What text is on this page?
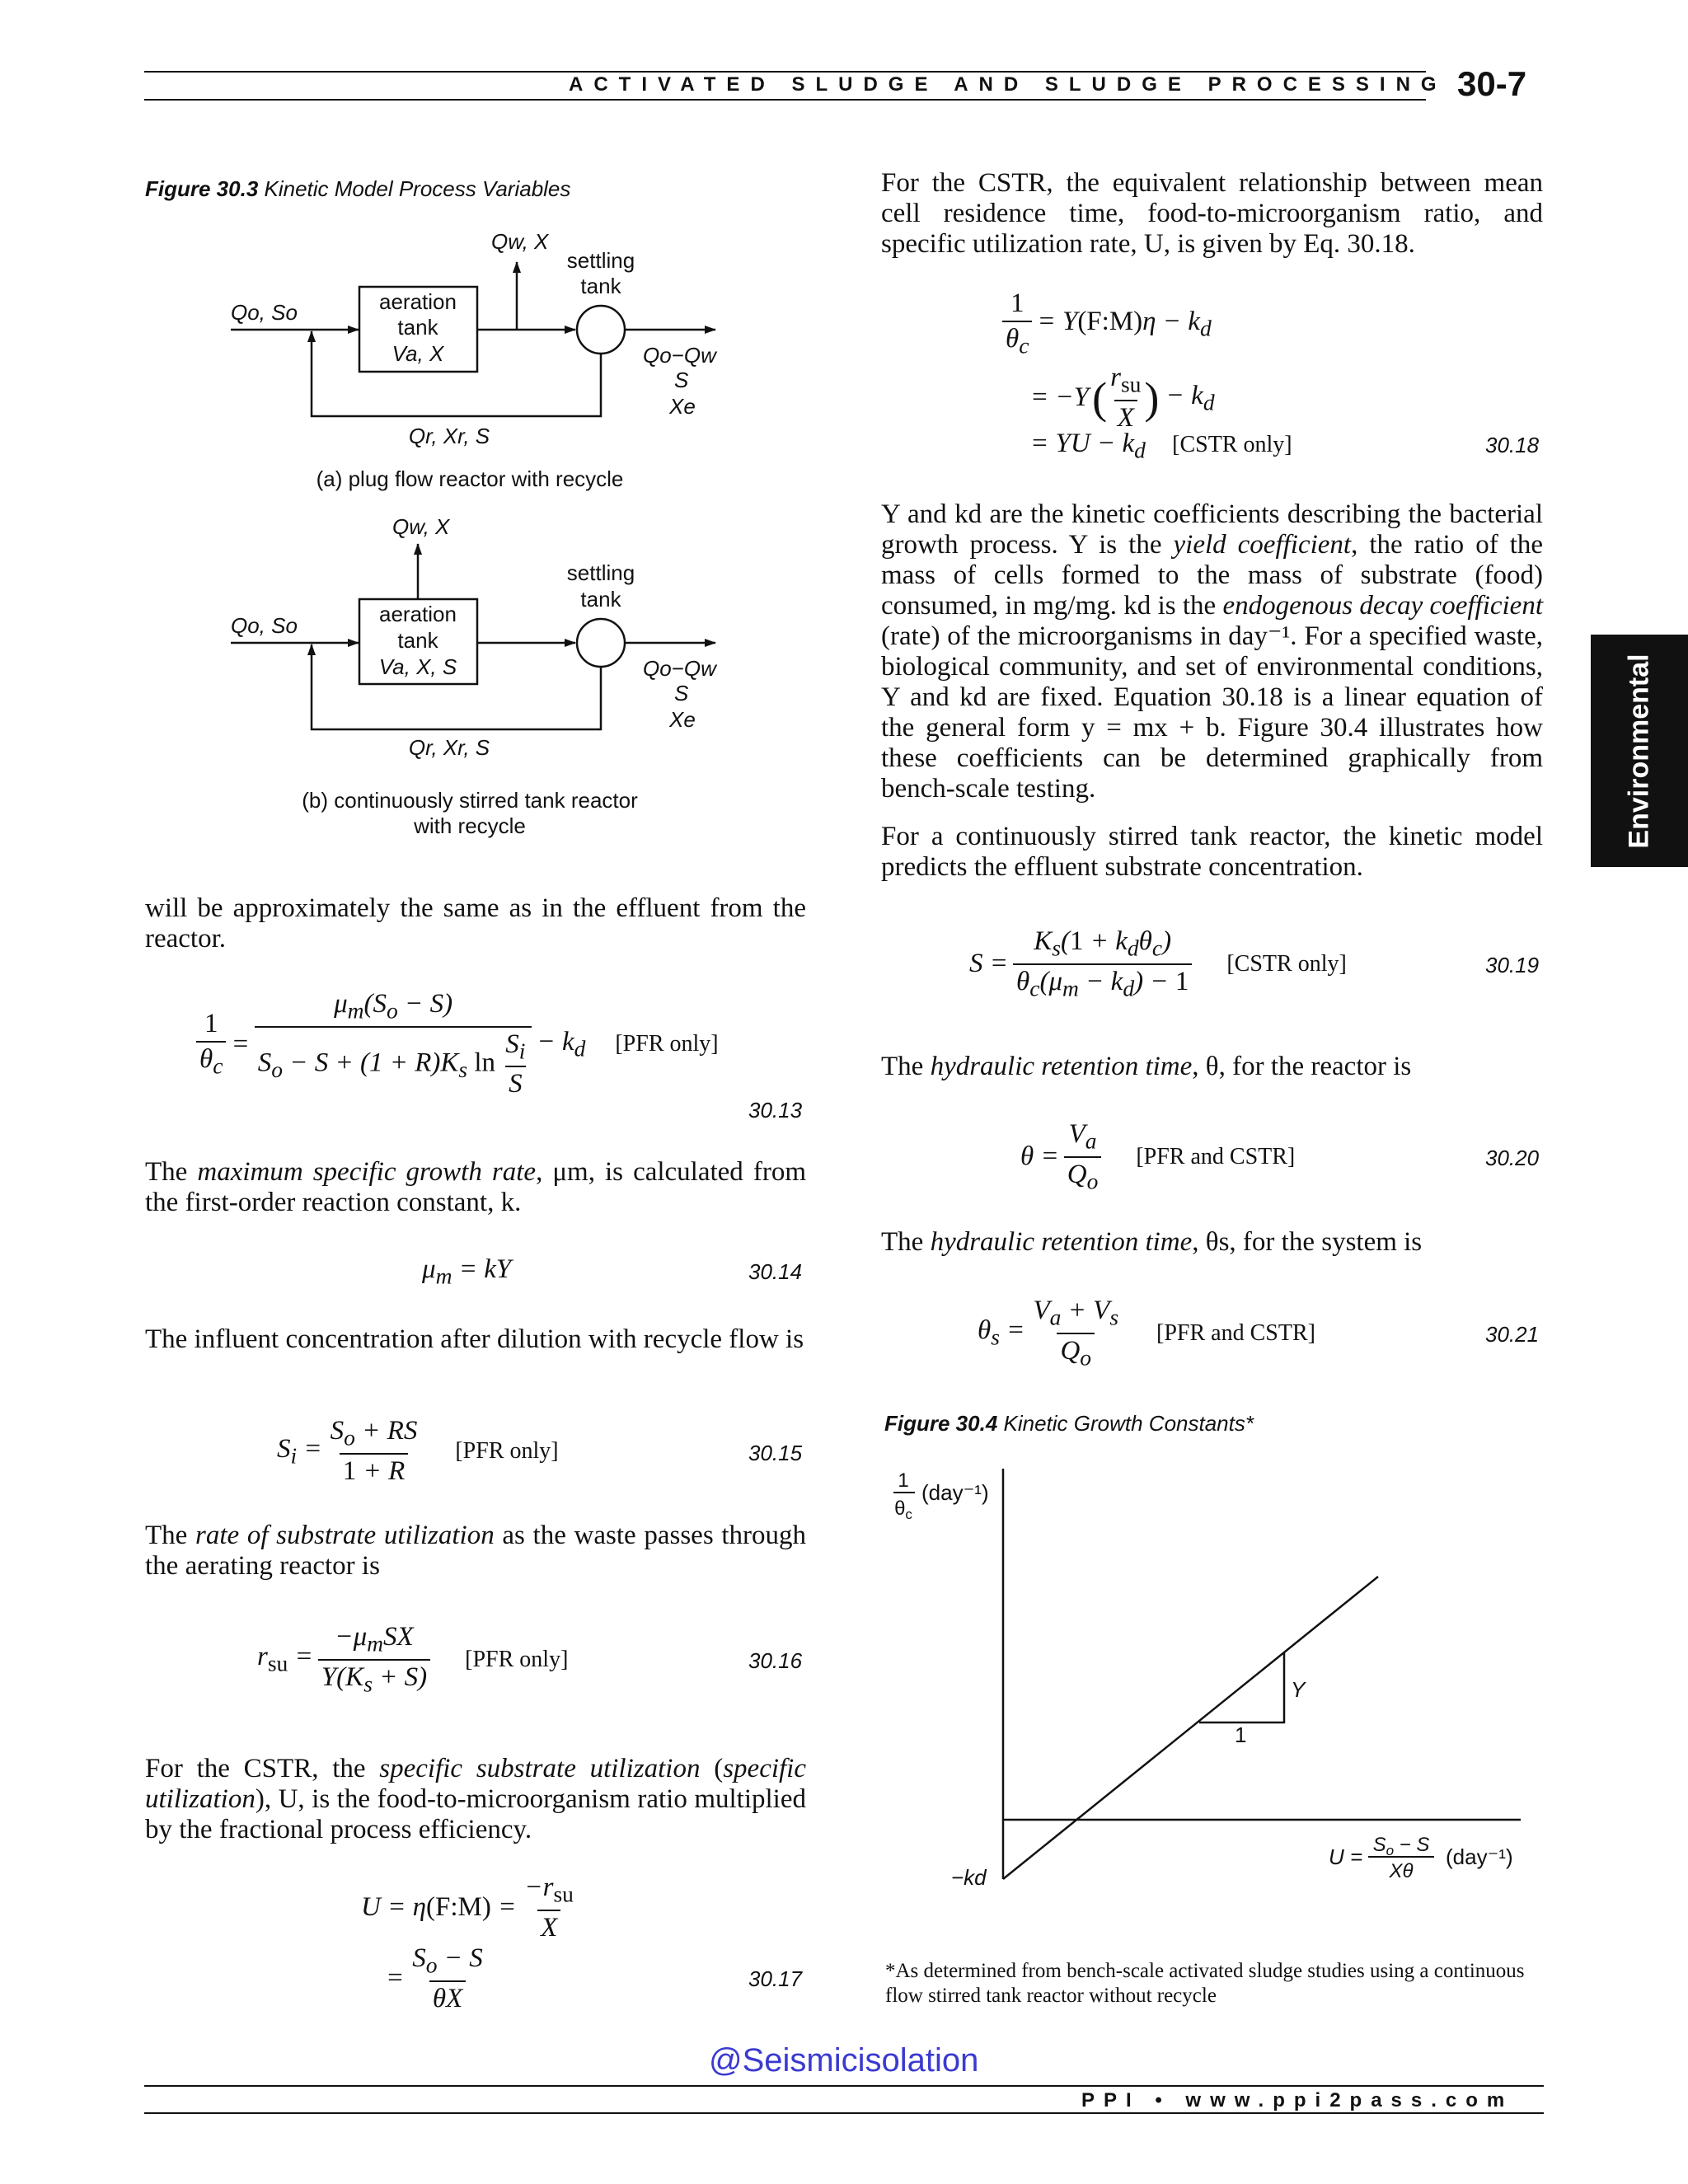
ACTIVATED SLUDGE AND SLUDGE PROCESSING 30-7
Environmental
Figure 30.3 Kinetic Model Process Variables
Qo, So	aeration
tank
Va, X
Qw, X
settling
tank
Qo−Qw
S
Xe
Qr, Xr, S
(a) plug flow reactor with recycle
Qo, So	aeration
tank
Va, X, S
Qw, X
settling
tank
Qo−Qw
S
Xe
Qr, Xr, S
(b) continuously stirred tank reactor
with recycle
will be approximately the same as in the effluent from the reactor.
$\frac{1}{\theta_c} = \frac{\mu_m(S_o - S)}{S_o - S + (1 + R)K_s \ln \frac{S_i}{S}} - k_d$ [PFR only]
30.13
The maximum specific growth rate, μm, is calculated from the first-order reaction constant, k.
$\mu_m$ = kY	30.14
The influent concentration after dilution with recycle flow is
$S_i = \frac{S_o + RS}{1 + R} [PFR$ only]	30.15
The rate of substrate utilization as the waste passes through the aerating reactor is
$r_{su} = \frac{-\mu_mSX}{Y(K_s + S)} [PFR$ only]	30.16
For the CSTR, the specific substrate utilization (specific utilization), U, is the food-to-microorganism ratio multiplied by the fractional process efficiency.
U = η(F:M) = $\frac{-r_{su}}{X}$
= $\frac{S_o - S}{\theta X}$	30.17
For the CSTR, the equivalent relationship between mean cell residence time, food-to-microorganism ratio, and specific utilization rate, U, is given by Eq. 30.18.
$\frac{1}{\theta_c}$ = Y(F:M)η − $k_d$
= −Y ( $\frac{r_{su}}{X}$ ) − $k_d$
= YU − $k_d$ [CSTR only]	30.18
Y and kd are the kinetic coefficients describing the bacterial growth process. Y is the yield coefficient, the ratio of the mass of cells formed to the mass of substrate (food) consumed, in mg/mg. kd is the endogenous decay coefficient (rate) of the microorganisms in day⁻¹. For a specified waste, biological community, and set of environmental conditions, Y and kd are fixed. Equation 30.18 is a linear equation of the general form y = mx + b. Figure 30.4 illustrates how these coefficients can be determined graphically from bench-scale testing.
For a continuously stirred tank reactor, the kinetic model predicts the effluent substrate concentration.
$S = \frac{K_s(1 + k_d\theta_c)}{\theta_c(\mu_m - k_d) - 1}$ [CSTR only]	30.19
The hydraulic retention time, θ, for the reactor is
$\theta = \frac{V_a}{Q_o} [PFR$ and CSTR]	30.20
The hydraulic retention time, θs, for the system is
$\theta_s = \frac{V_a + V_s}{Q_o} [PFR$ and CSTR]	30.21
Figure 30.4 Kinetic Growth Constants*
1
$\theta_c$
(day⁻¹)
Y
1
−kd
$U = S_o - S$
Xθ
(day⁻¹)
*As determined from bench-scale activated sludge studies using a continuous flow stirred tank reactor without recycle
@Seismicisolation
PPI • www.ppi2pass.com
